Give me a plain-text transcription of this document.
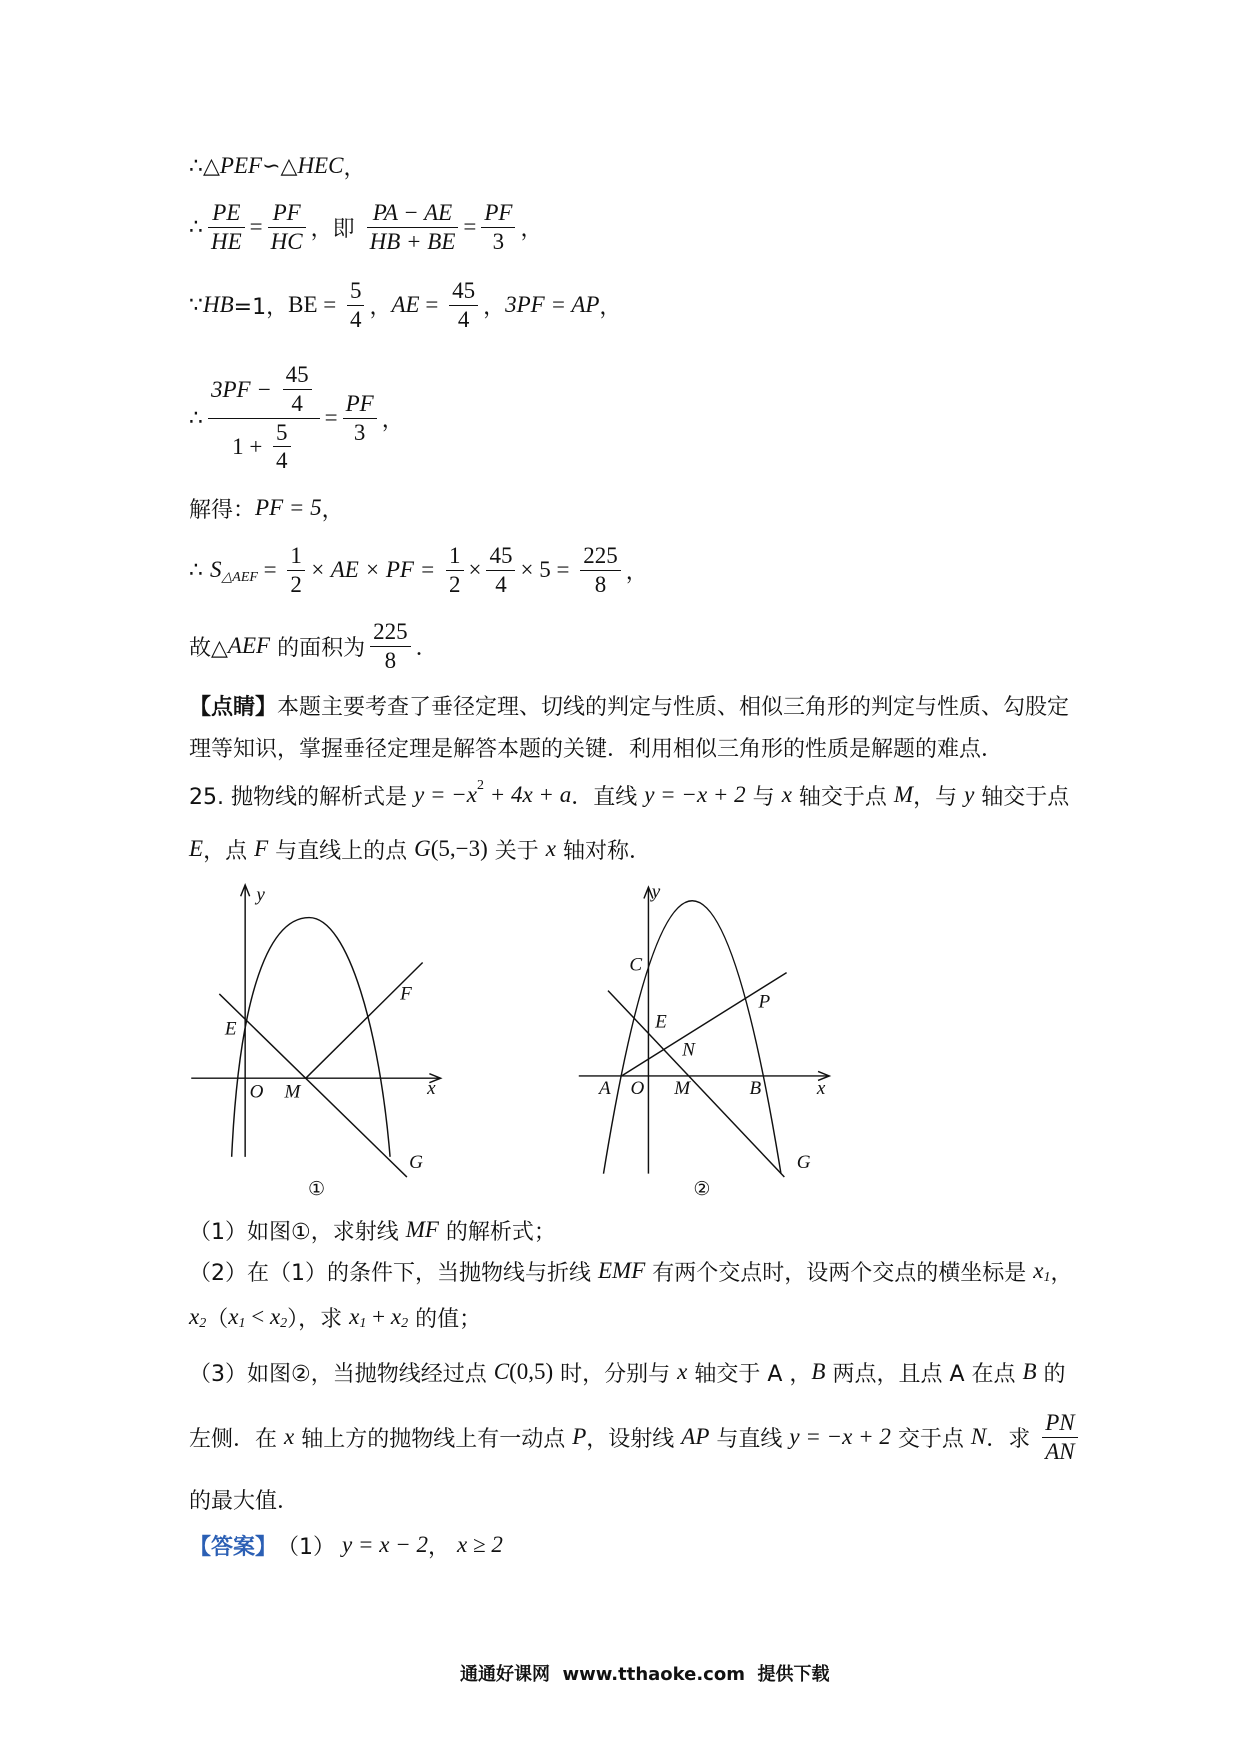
∴△ PEF ∽△ HEC ，
∴ $\frac{PE}{HE} = \frac{PF}{HC}$ ，即 $\frac{PA - AE}{HB + BE} = \frac{PF}{3}$ ，
∵ HB =1， BE = $\frac{5}{4}$ ， AE = $\frac{45}{4}$ ， 3PF = AP ，
∴ $\frac{3PF - \frac{45}{4}}{1 + \frac{5}{4}} = \frac{PF}{3}$ ，
解得： PF = 5 ，
∴ S △AEF = $\frac{1}{2}$ × AE × PF = $\frac{1}{2} \times \frac{45}{4} \times 5 = \frac{225}{8}$ ，
故△ AEF 的面积为 $\frac{225}{8}$ ．
【点睛】 本题主要考查了垂径定理、切线的判定与性质、相似三角形的判定与性质、勾股定
理等知识，掌握垂径定理是解答本题的关键．利用相似三角形的性质是解题的难点．
25. 抛物线的解析式是 y = −x 2 + 4x + a ．直线 y = −x + 2 与 x 轴交于点 M ，与 y 轴交于点
E ，点 F 与直线上的点 G (5,−3) 关于 x 轴对称．
y
E
O M	x
F
G
①
y
C
E
P
N
A O M	B	x
G
②
（1）如图①，求射线 MF 的解析式；
（2）在（1）的条件下，当抛物线与折线 EMF 有两个交点时，设两个交点的横坐标是 x 1 ，
x 2 （ x 1 < x 2 ），求 x 1 + x 2 的值；
（3）如图②，当抛物线经过点 C (0,5) 时，分别与 x 轴交于 A ， B 两点，且点 A 在点 B 的
左侧．在 x 轴上方的抛物线上有一动点 P ，设射线 AP 与直线 y = −x + 2 交于点 N ．求 $\frac{PN}{AN}$
的最大值．
【答案】 （1） y = x − 2 ， x ≥ 2
通通好课网  www.tthaoke.com  提供下载
